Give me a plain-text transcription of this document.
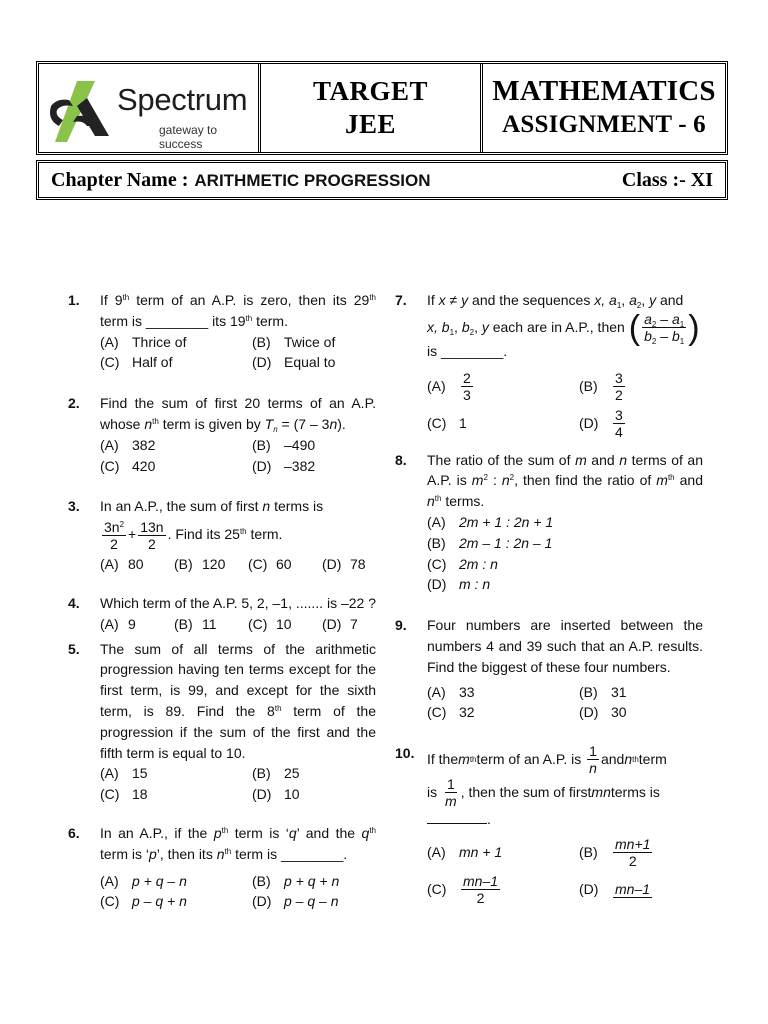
Spectrum
gateway to success
TARGET
JEE
MATHEMATICS
ASSIGNMENT - 6
Chapter Name : ARITHMETIC PROGRESSION	Class :- XI
1. If 9th term of an A.P. is zero, then its 29th term is ________ its 19th term.
(A) Thrice of	(B) Twice of
(C) Half of	(D) Equal to
2. Find the sum of first 20 terms of an A.P. whose $n^{th}$ term is given by $T_n = (7 - 3n)$.
(A) 382	(B) –490
(C) 420	(D) –382
3. In an A.P., the sum of first n terms is
$\frac{3n^2}{2} + \frac{13n}{2}$ . Find its 25th term.
(A) 80	(B) 120	(C) 60	(D) 78
4. Which term of the A.P. 5, 2, –1, ....... is –22 ?
(A) 9	(B) 11	(C) 10	(D) 7
5. The sum of all terms of the arithmetic progression having ten terms except for the first term, is 99, and except for the sixth term, is 89. Find the 8th term of the progression if the sum of the first and the fifth term is equal to 10.
(A) 15	(B) 25
(C) 18	(D) 10
6. In an A.P., if the $p^{th}$ term is ‘q’ and the $q^{th}$ term is ‘p’, then its $n^{th}$ term is ________.
(A) p + q – n	(B) p + q + n
(C) p – q + n	(D) p – q – n
7. If x ≠ y and the sequences x, $a_1$, $a_2$, y and
x, $b_1$, $b_2$, y each are in A.P., then ( $\frac{a_2 - a_1}{b_2 - b_1}$ )
is ________.
(A)	$\frac{2}{3}$	(B)	$\frac{3}{2}$
(C) 1	(D)	$\frac{3}{4}$
8. The ratio of the sum of m and n terms of an A.P. is $m^2$ : $n^2$, then find the ratio of $m^{th}$ and $n^{th}$ terms.
(A) 2m + 1 : 2n + 1
(B) 2m – 1 : 2n – 1
(C) 2m : n
(D) m : n
9. Four numbers are inserted between the numbers 4 and 39 such that an A.P. results. Find the biggest of these four numbers.
(A) 33	(B) 31
(C) 32	(D) 30
10. If the m th term of an A.P. is
$\frac{1}{n}$ and n th term
is
$\frac{1}{m}$ , then the sum of first mn terms is
.
(A) mn + 1	(B)	$\frac{mn+1}{2}$
(C)	$\frac{mn-1}{2}$	(D)	mn–1
